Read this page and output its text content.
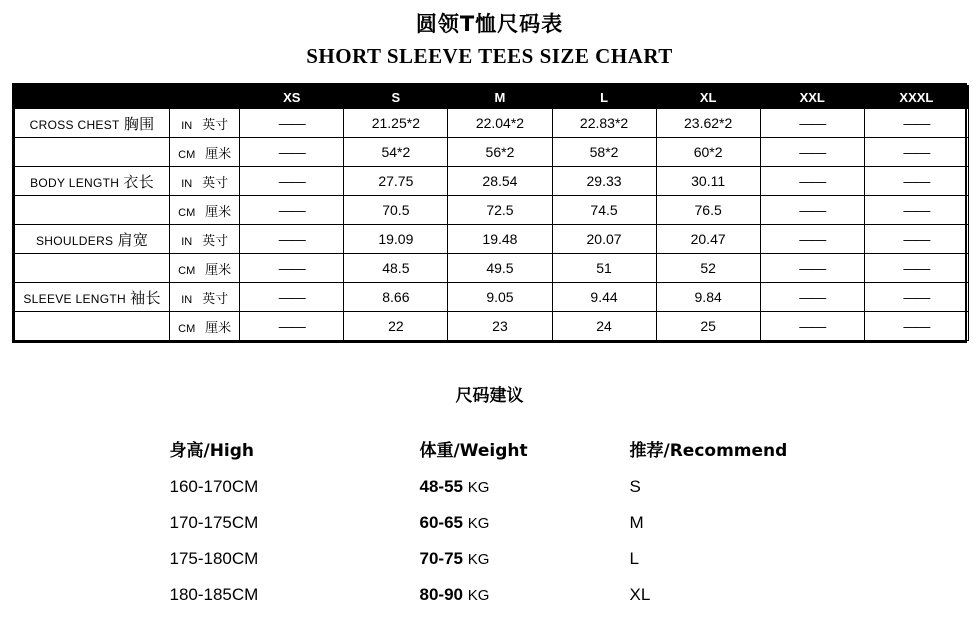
圆领T恤尺码表
SHORT SLEEVE TEES SIZE CHART
		XS	S	M	L	XL	XXL	XXXL
CROSS CHEST 胸围	IN 英寸	——	21.25*2	22.04*2	22.83*2	23.62*2	——	——
	CM 厘米	——	54*2	56*2	58*2	60*2	——	——
BODY LENGTH 衣长	IN 英寸	——	27.75	28.54	29.33	30.11	——	——
	CM 厘米	——	70.5	72.5	74.5	76.5	——	——
SHOULDERS 肩宽	IN 英寸	——	19.09	19.48	20.07	20.47	——	——
	CM 厘米	——	48.5	49.5	51	52	——	——
SLEEVE LENGTH 袖长	IN 英寸	——	8.66	9.05	9.44	9.84	——	——
	CM 厘米	——	22	23	24	25	——	——
尺码建议
身高/High	体重/Weight	推荐/Recommend
160-170CM	48-55 KG	S
170-175CM	60-65 KG	M
175-180CM	70-75 KG	L
180-185CM	80-90 KG	XL
